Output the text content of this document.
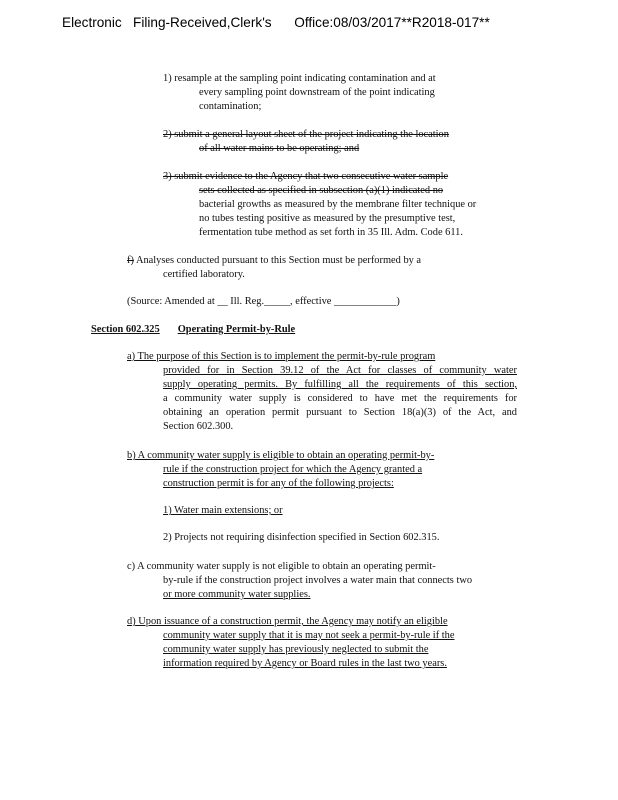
Electronic   Filing-Received,Clerk's      Office:08/03/2017**R2018-017**

1) resample at the sampling point indicating contamination and at

every sampling point downstream of the point indicating

contamination;

2) submit a general layout sheet of the project indicating the location

of all water mains to be operating; and

3) submit evidence to the Agency that two consecutive water sample

sets collected as specified in subsection (a)(1) indicated no

bacterial growths as measured by the membrane filter technique or

no tubes testing positive as measured by the presumptive test,

fermentation tube method as set forth in 35 Ill. Adm. Code 611.

f) Analyses conducted pursuant to this Section must be performed by a

certified laboratory.

(Source: Amended at __ Ill. Reg._____, effective ____________)

Section 602.325 Operating Permit-by-Rule

a) The purpose of this Section is to implement the permit-by-rule program

provided for in Section 39.12 of the Act for classes of community water

supply operating permits. By fulfilling all the requirements of this section,

a community water supply is considered to have met the requirements for

obtaining an operation permit pursuant to Section 18(a)(3) of the Act, and

Section 602.300.

b) A community water supply is eligible to obtain an operating permit-by-

rule if the construction project for which the Agency granted a

construction permit is for any of the following projects:

1) Water main extensions; or

2) Projects not requiring disinfection specified in Section 602.315.

c) A community water supply is not eligible to obtain an operating permit-

by-rule if the construction project involves a water main that connects two

or more community water supplies.

d) Upon issuance of a construction permit, the Agency may notify an eligible

community water supply that it is may not seek a permit-by-rule if the

community water supply has previously neglected to submit the

information required by Agency or Board rules in the last two years.
